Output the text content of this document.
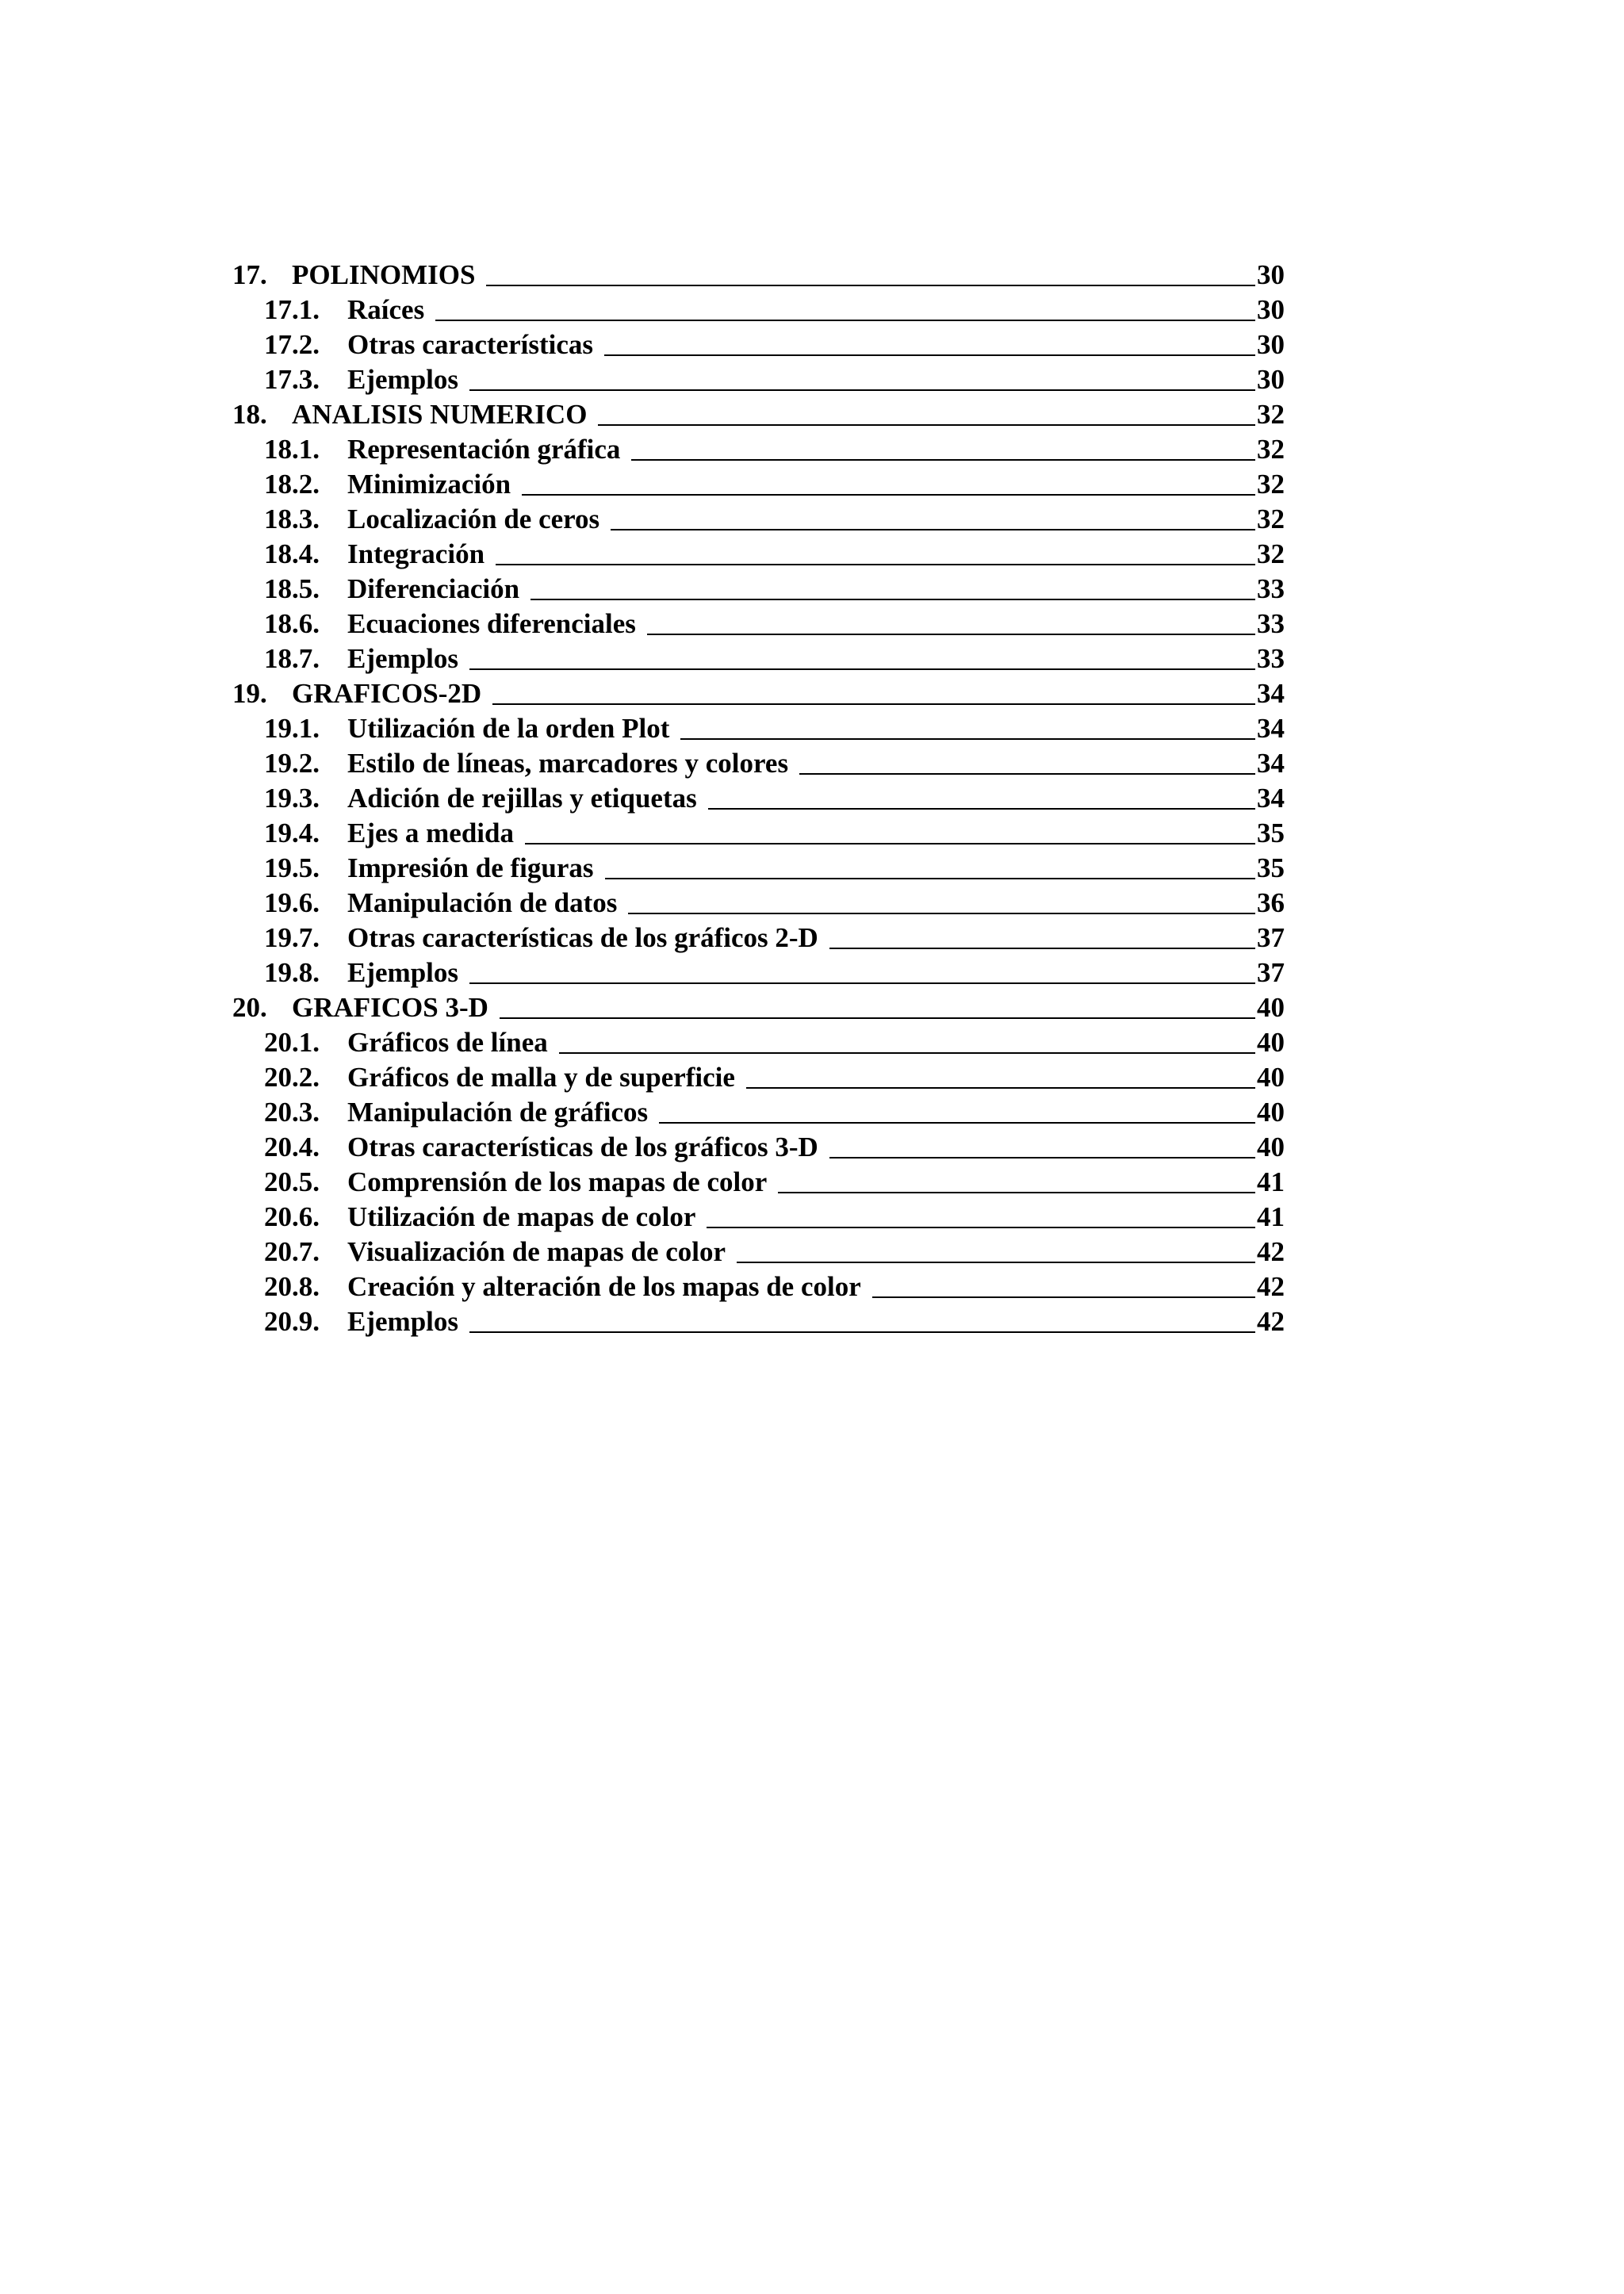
17. POLINOMIOS	30
17.1. Raíces	30
17.2. Otras características	30
17.3. Ejemplos	30
18. ANALISIS NUMERICO	32
18.1. Representación gráfica	32
18.2. Minimización	32
18.3. Localización de ceros	32
18.4. Integración	32
18.5. Diferenciación	33
18.6. Ecuaciones diferenciales	33
18.7. Ejemplos	33
19. GRAFICOS-2D	34
19.1. Utilización de la orden Plot	34
19.2. Estilo de líneas, marcadores y colores	34
19.3. Adición de rejillas y etiquetas	34
19.4. Ejes a medida	35
19.5. Impresión de figuras	35
19.6. Manipulación de datos	36
19.7. Otras características de los gráficos 2-D	37
19.8. Ejemplos	37
20. GRAFICOS 3-D	40
20.1. Gráficos de línea	40
20.2. Gráficos de malla y de superficie	40
20.3. Manipulación de gráficos	40
20.4. Otras características de los gráficos 3-D	40
20.5. Comprensión de los mapas de color	41
20.6. Utilización de mapas de color	41
20.7. Visualización de mapas de color	42
20.8. Creación y alteración de los mapas de color	42
20.9. Ejemplos	42
